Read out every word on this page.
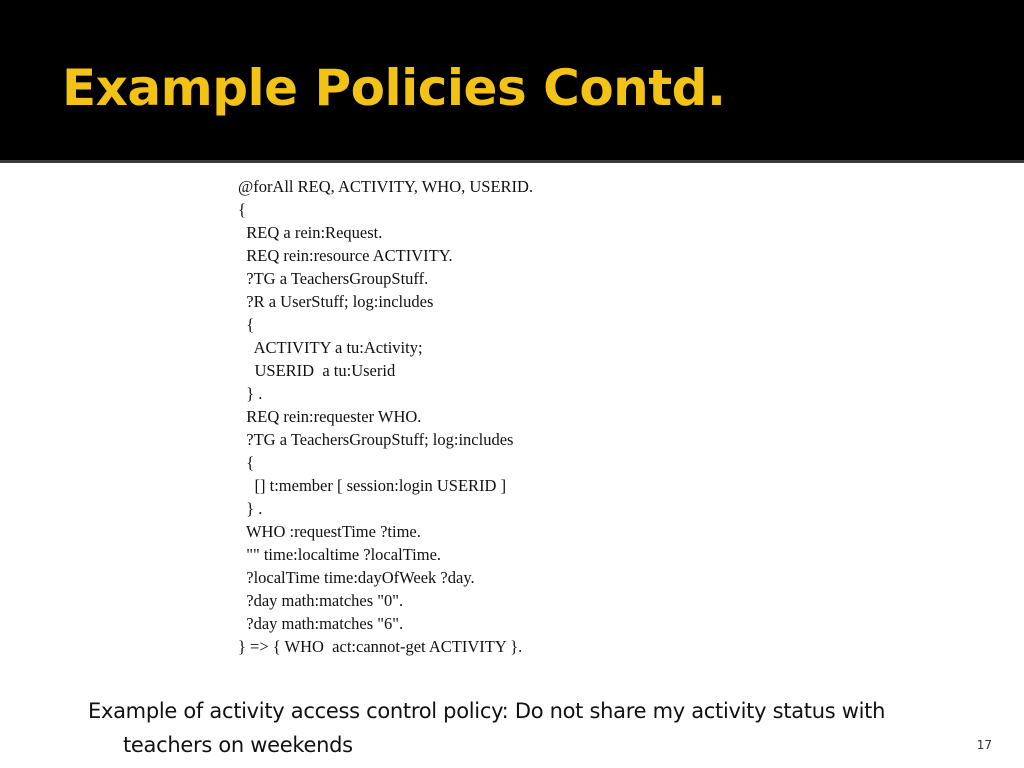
Example Policies Contd.
@forAll REQ, ACTIVITY, WHO, USERID.
{
REQ a rein:Request.
REQ rein:resource ACTIVITY.
?TG a TeachersGroupStuff.
?R a UserStuff; log:includes
{
ACTIVITY a tu:Activity;
USERID  a tu:Userid
} .
REQ rein:requester WHO.
?TG a TeachersGroupStuff; log:includes
{
[] t:member [ session:login USERID ]
} .
WHO :requestTime ?time.
"" time:localtime ?localTime.
?localTime time:dayOfWeek ?day.
?day math:matches "0".
?day math:matches "6".
} => { WHO  act:cannot-get ACTIVITY }.

Example of activity access control policy: Do not share my activity status with teachers on weekends	17
